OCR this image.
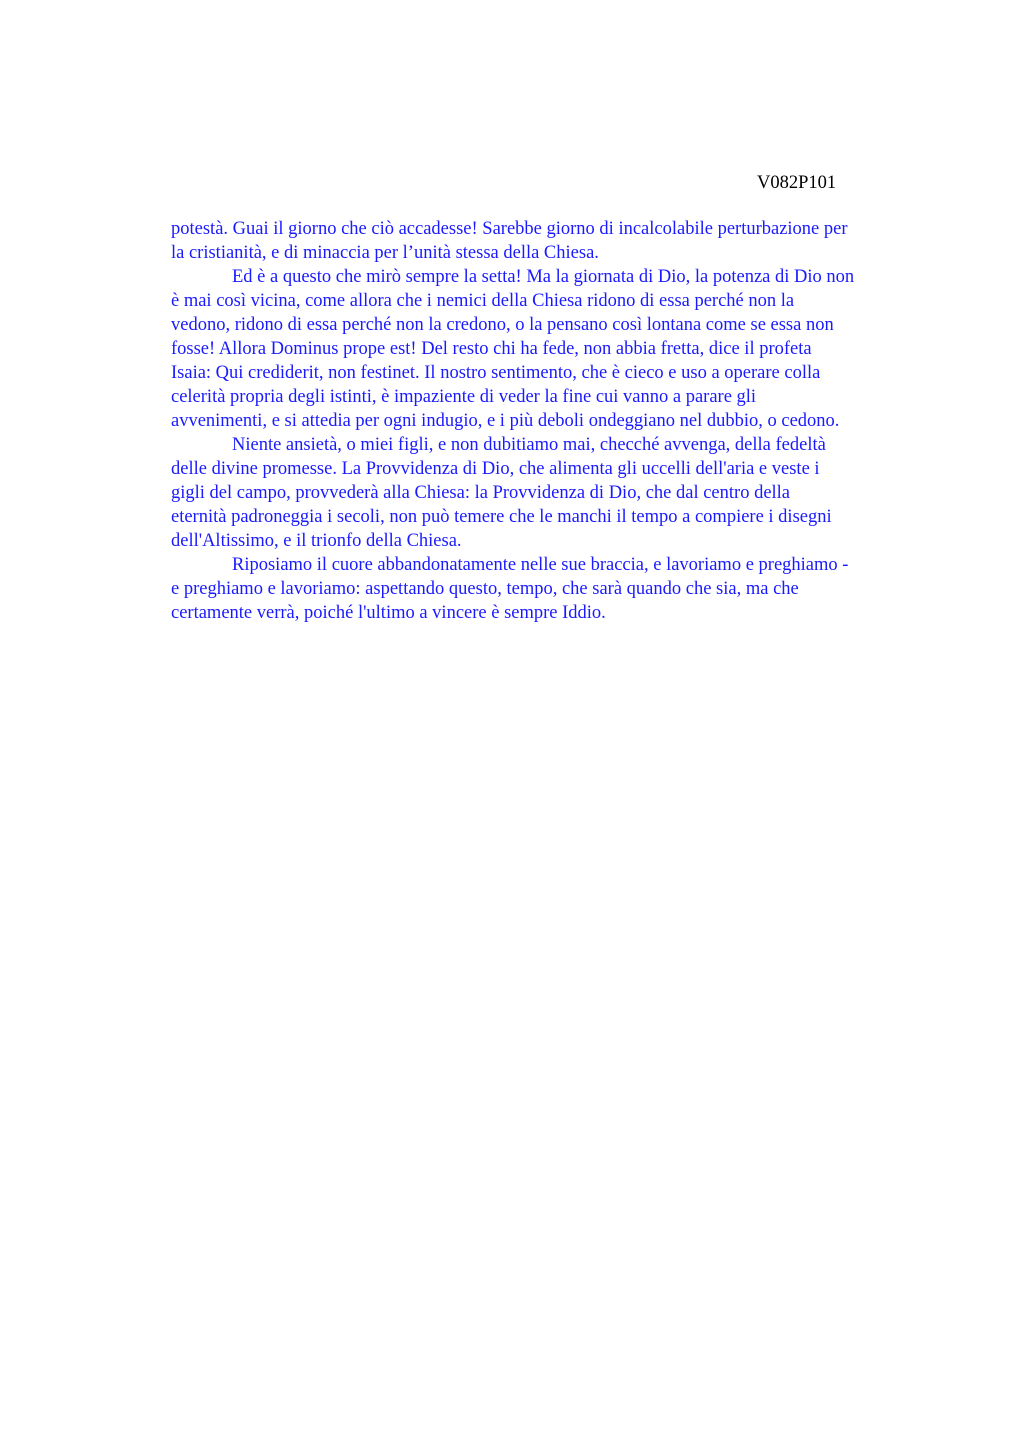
V082P101
potestà. Guai il giorno che ciò accadesse! Sarebbe giorno di incalcolabile perturbazione per
la cristianità, e di minaccia per l’unità stessa della Chiesa.
Ed è a questo che mirò sempre la setta! Ma la giornata di Dio, la potenza di Dio non
è mai così vicina, come allora che i nemici della Chiesa ridono di essa perché non la
vedono, ridono di essa perché non la credono, o la pensano così lontana come se essa non
fosse! Allora Dominus prope est! Del resto chi ha fede, non abbia fretta, dice il profeta
Isaia: Qui crediderit, non festinet. Il nostro sentimento, che è cieco e uso a operare colla
celerità propria degli istinti, è impaziente di veder la fine cui vanno a parare gli
avvenimenti, e si attedia per ogni indugio, e i più deboli ondeggiano nel dubbio, o cedono.
Niente ansietà, o miei figli, e non dubitiamo mai, checché avvenga, della fedeltà
delle divine promesse. La Provvidenza di Dio, che alimenta gli uccelli dell'aria e veste i
gigli del campo, provvederà alla Chiesa: la Provvidenza di Dio, che dal centro della
eternità padroneggia i secoli, non può temere che le manchi il tempo a compiere i disegni
dell'Altissimo, e il trionfo della Chiesa.
Riposiamo il cuore abbandonatamente nelle sue braccia, e lavoriamo e preghiamo -
e preghiamo e lavoriamo: aspettando questo, tempo, che sarà quando che sia, ma che
certamente verrà, poiché l'ultimo a vincere è sempre Iddio.
